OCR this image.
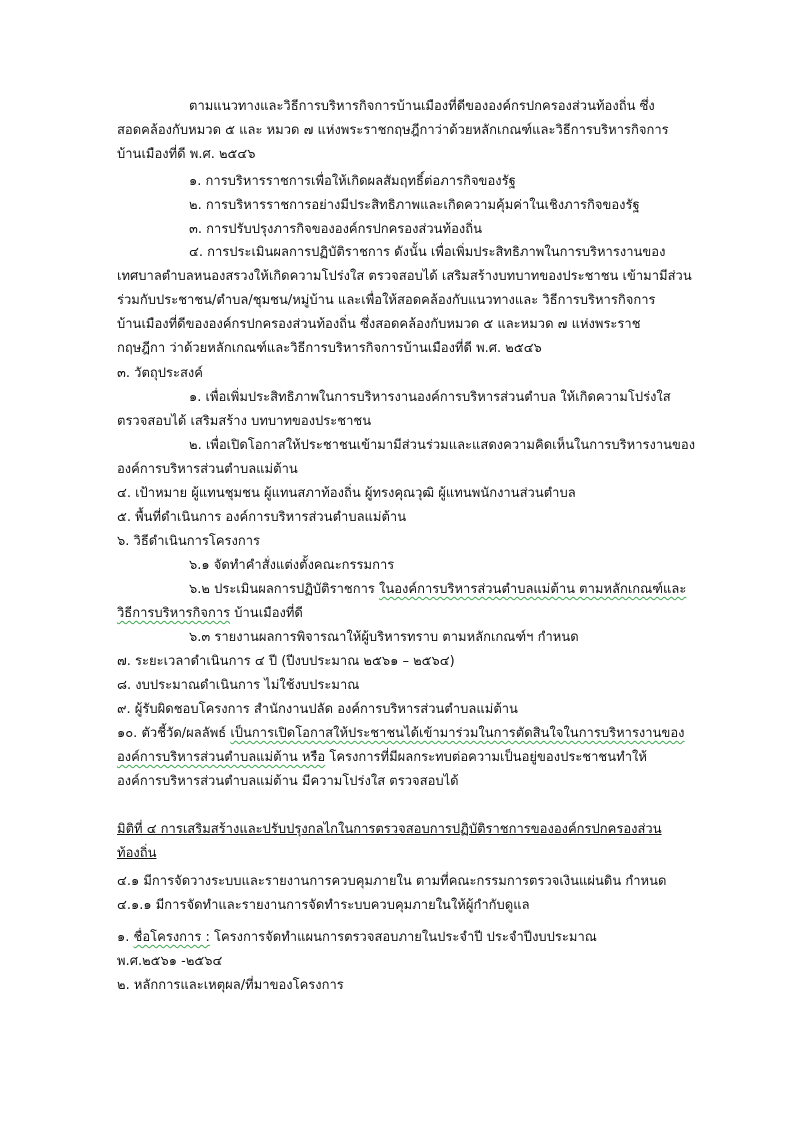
ตามแนวทางและวิธีการบริหารกิจการบ้านเมืองที่ดีขององค์กรปกครองส่วนท้องถิ่น ซึ่ง
สอดคล้องกับหมวด ๕ และ หมวด ๗ แห่งพระราชกฤษฎีกาว่าด้วยหลักเกณฑ์และวิธีการบริหารกิจการ
บ้านเมืองที่ดี พ.ศ. ๒๕๔๖
๑. การบริหารราชการเพื่อให้เกิดผลสัมฤทธิ์ต่อภารกิจของรัฐ
๒. การบริหารราชการอย่างมีประสิทธิภาพและเกิดความคุ้มค่าในเชิงภารกิจของรัฐ
๓. การปรับปรุงภารกิจขององค์กรปกครองส่วนท้องถิ่น
๔. การประเมินผลการปฏิบัติราชการ ดังนั้น เพื่อเพิ่มประสิทธิภาพในการบริหารงานของ
เทศบาลตำบลหนองสรวงให้เกิดความโปร่งใส ตรวจสอบได้ เสริมสร้างบทบาทของประชาชน เข้ามามีส่วน
ร่วมกับประชาชน/ตำบล/ชุมชน/หมู่บ้าน และเพื่อให้สอดคล้องกับแนวทางและ วิธีการบริหารกิจการ
บ้านเมืองที่ดีขององค์กรปกครองส่วนท้องถิ่น ซึ่งสอดคล้องกับหมวด ๕ และหมวด ๗ แห่งพระราช
กฤษฎีกา ว่าด้วยหลักเกณฑ์และวิธีการบริหารกิจการบ้านเมืองที่ดี พ.ศ. ๒๕๔๖
๓. วัตถุประสงค์
๑. เพื่อเพิ่มประสิทธิภาพในการบริหารงานองค์การบริหารส่วนตำบล ให้เกิดความโปร่งใส
ตรวจสอบได้ เสริมสร้าง บทบาทของประชาชน
๒. เพื่อเปิดโอกาสให้ประชาชนเข้ามามีส่วนร่วมและแสดงความคิดเห็นในการบริหารงานของ
องค์การบริหารส่วนตำบลแม่ต้าน
๔. เป้าหมาย ผู้แทนชุมชน ผู้แทนสภาท้องถิ่น ผู้ทรงคุณวุฒิ ผู้แทนพนักงานส่วนตำบล
๕. พื้นที่ดำเนินการ องค์การบริหารส่วนตำบลแม่ต้าน
๖. วิธีดำเนินการโครงการ
๖.๑ จัดทำคำสั่งแต่งตั้งคณะกรรมการ
๖.๒ ประเมินผลการปฏิบัติราชการ ในองค์การบริหารส่วนตำบลแม่ต้าน ตามหลักเกณฑ์และ
วิธีการบริหารกิจการ บ้านเมืองที่ดี
๖.๓ รายงานผลการพิจารณาให้ผู้บริหารทราบ ตามหลักเกณฑ์ฯ กำหนด
๗. ระยะเวลาดำเนินการ ๔ ปี (ปีงบประมาณ ๒๕๖๑ – ๒๕๖๔)
๘. งบประมาณดำเนินการ ไม่ใช้งบประมาณ
๙. ผู้รับผิดชอบโครงการ สำนักงานปลัด องค์การบริหารส่วนตำบลแม่ต้าน
๑๐. ตัวชี้วัด/ผลลัพธ์ เป็นการเปิดโอกาสให้ประชาชนได้เข้ามาร่วมในการตัดสินใจในการบริหารงานของ
องค์การบริหารส่วนตำบลแม่ต้าน หรือ โครงการที่มีผลกระทบต่อความเป็นอยู่ของประชาชนทำให้
องค์การบริหารส่วนตำบลแม่ต้าน มีความโปร่งใส ตรวจสอบได้
มิติที่ ๔ การเสริมสร้างและปรับปรุงกลไกในการตรวจสอบการปฏิบัติราชการขององค์กรปกครองส่วน
ท้องถิ่น
๔.๑ มีการจัดวางระบบและรายงานการควบคุมภายใน ตามที่คณะกรรมการตรวจเงินแผ่นดิน กำหนด
๔.๑.๑ มีการจัดทำและรายงานการจัดทำระบบควบคุมภายในให้ผู้กำกับดูแล
๑. ชื่อโครงการ : โครงการจัดทำแผนการตรวจสอบภายในประจำปี ประจำปีงบประมาณ
พ.ศ.๒๕๖๑ -๒๕๖๔
๒. หลักการและเหตุผล/ที่มาของโครงการ
